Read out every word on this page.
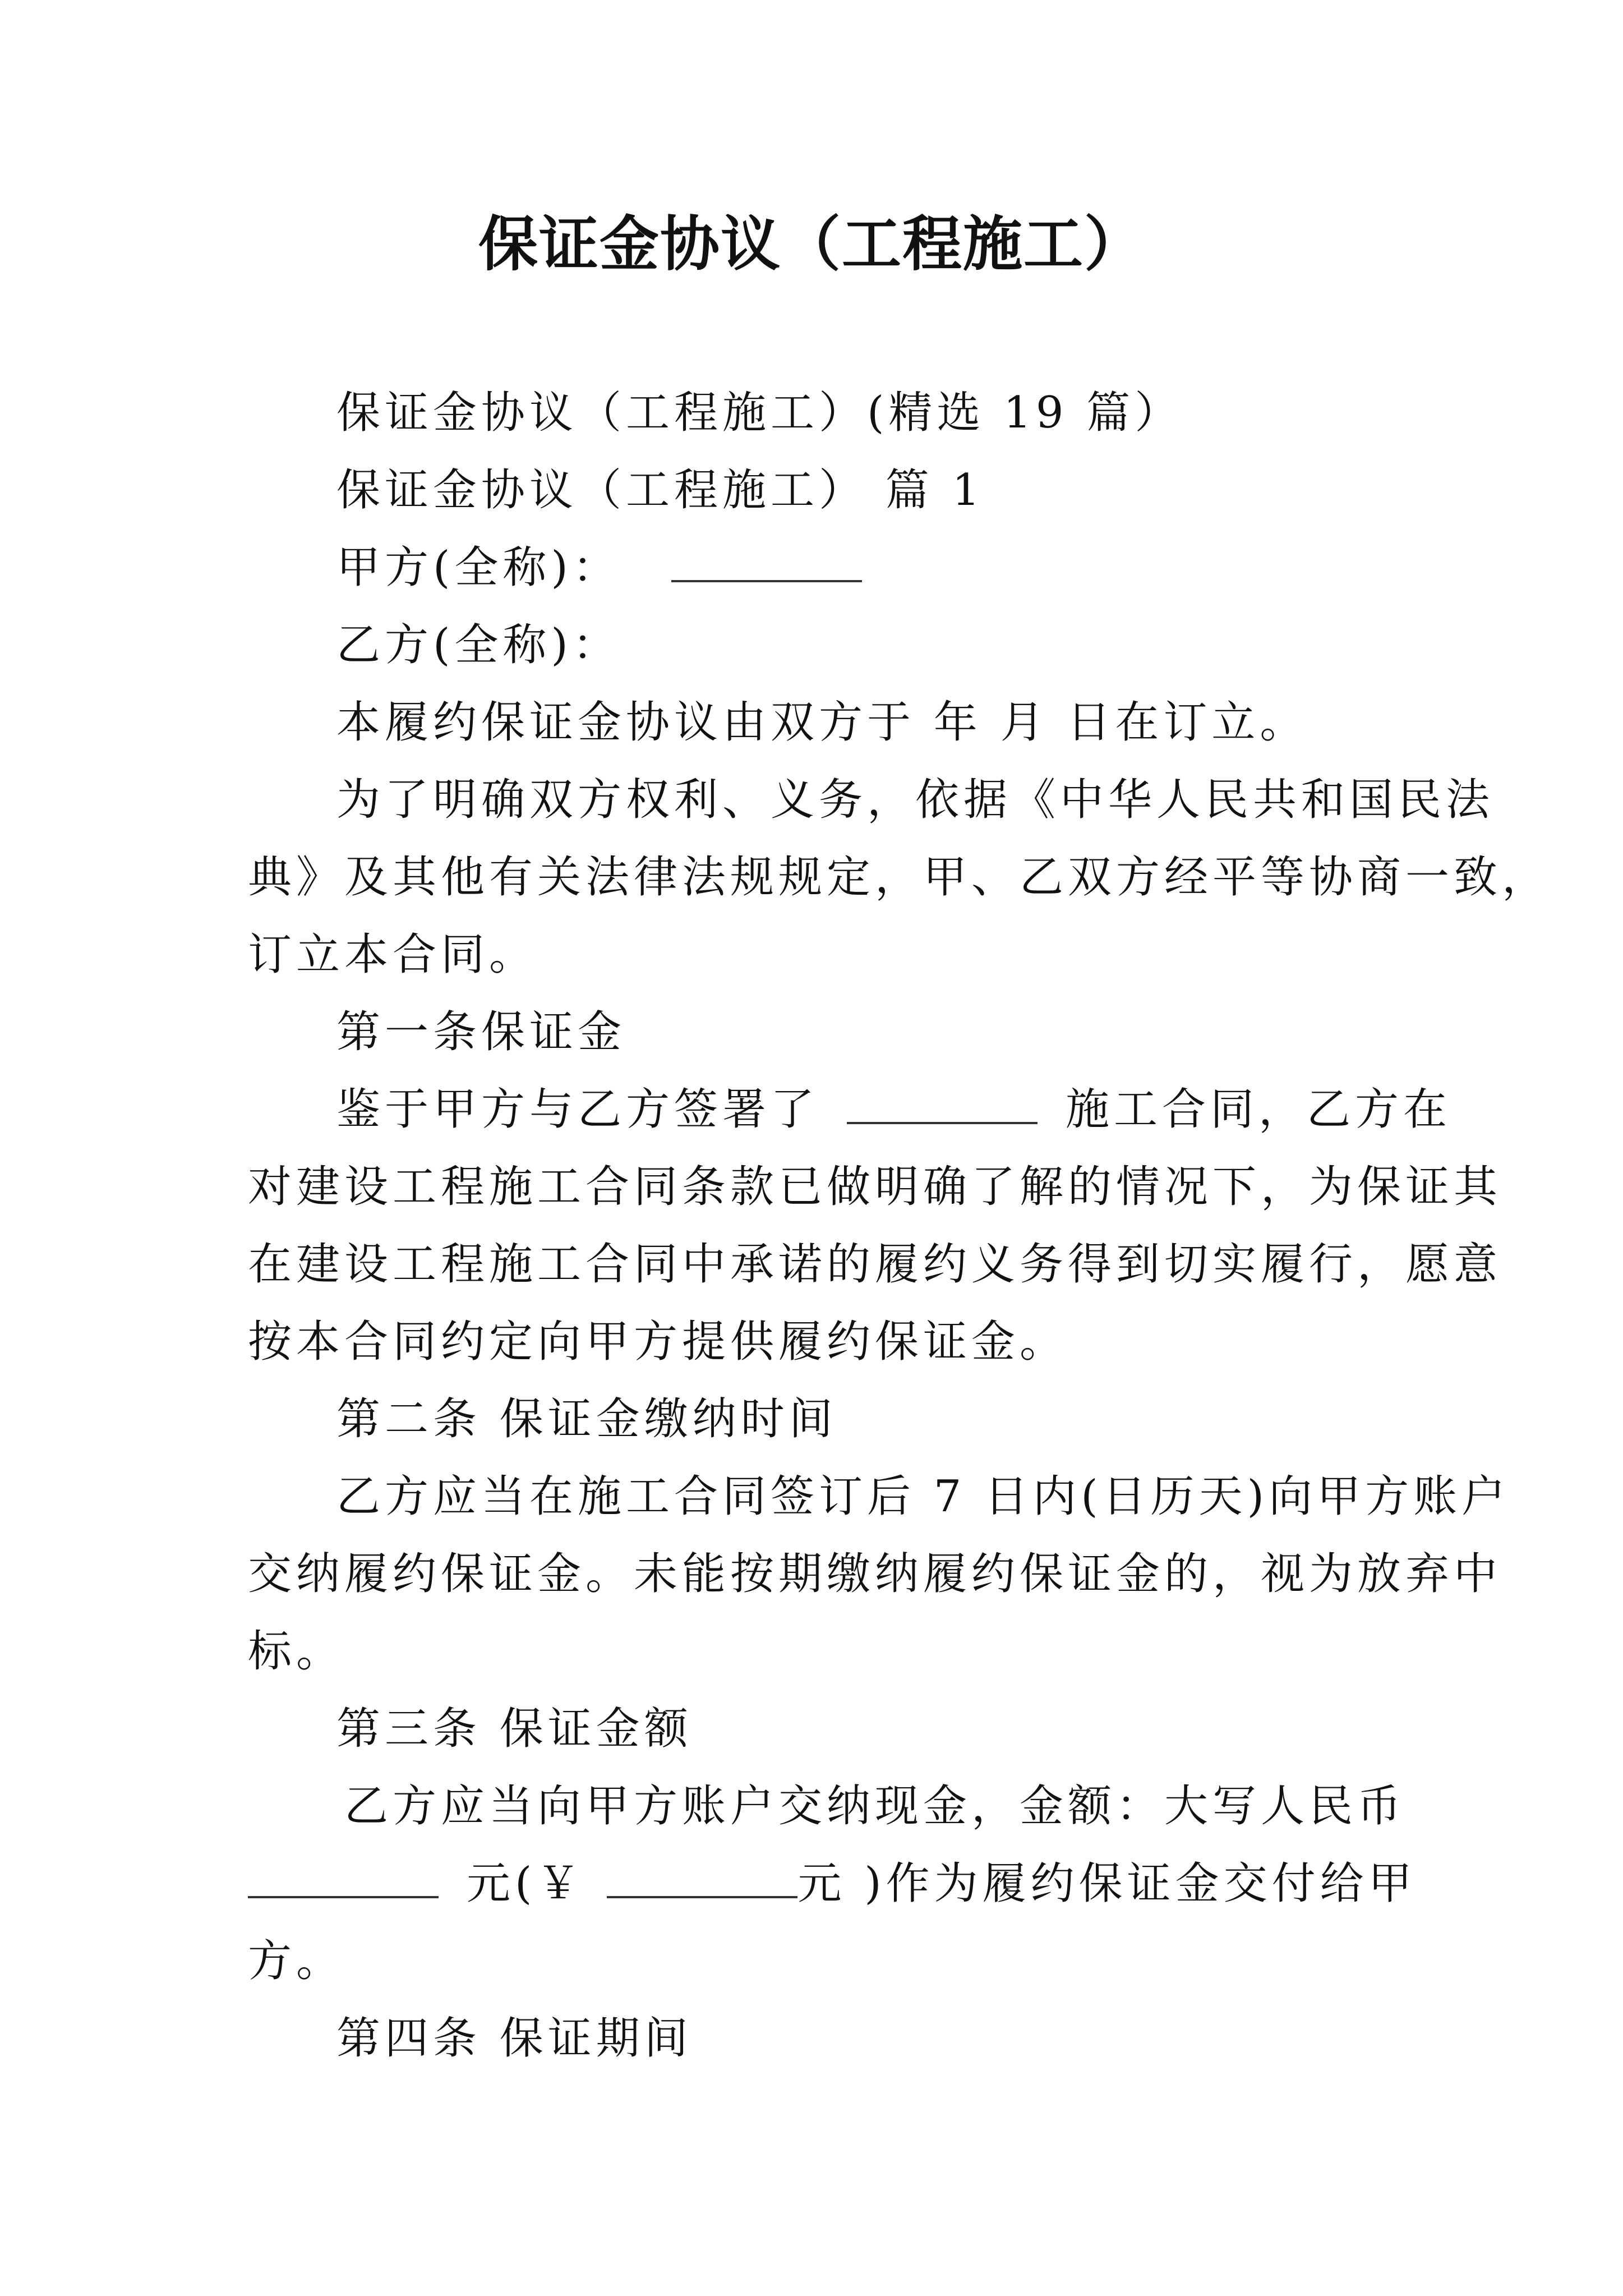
保证金协议（工程施工）
保证金协议（工程施工）(精选 19 篇）
保证金协议（工程施工） 篇 1
甲方(全称)：
乙方(全称)：
本履约保证金协议由双方于 年 月 日在订立。
为了明确双方权利、义务，依据《中华人民共和国民法
典》及其他有关法律法规规定，甲、乙双方经平等协商一致，
订立本合同。
第一条保证金
鉴于甲方与乙方签署了	施工合同，乙方在
对建设工程施工合同条款已做明确了解的情况下，为保证其
在建设工程施工合同中承诺的履约义务得到切实履行，愿意
按本合同约定向甲方提供履约保证金。
第二条 保证金缴纳时间
乙方应当在施工合同签订后 7 日内(日历天)向甲方账户
交纳履约保证金。未能按期缴纳履约保证金的，视为放弃中
标。
第三条 保证金额
乙方应当向甲方账户交纳现金，金额：大写人民币
元(￥	元 )作为履约保证金交付给甲
方。
第四条 保证期间
